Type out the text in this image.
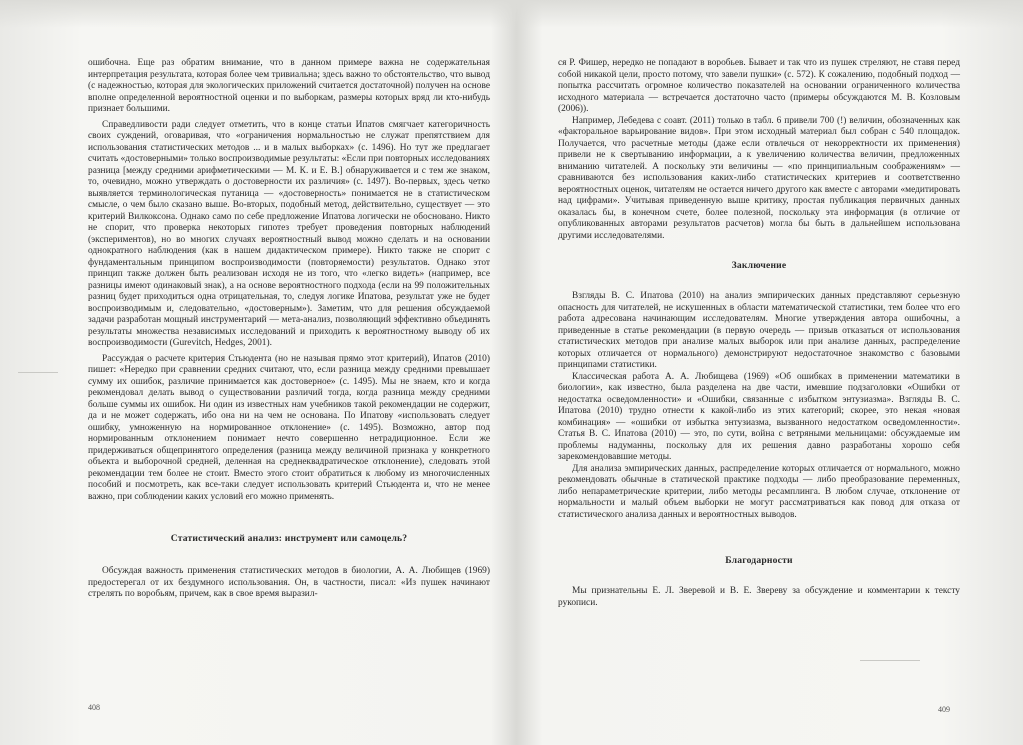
ошибочна. Еще раз обратим внимание, что в данном примере важна не содержательная интерпретация результата, которая более чем тривиальна; здесь важно то обстоятельство, что вывод (с надежностью, которая для экологических приложений считается достаточной) получен на основе вполне определенной вероятностной оценки и по выборкам, размеры которых вряд ли кто-нибудь признает большими.

Справедливости ради следует отметить, что в конце статьи Ипатов смягчает категоричность своих суждений, оговаривая, что «ограничения нормальностью не служат препятствием для использования статистических методов ... и в малых выборках» (с. 1496). Но тут же предлагает считать «достоверными» только воспроизводимые результаты: «Если при повторных исследованиях разница [между средними арифметическими — М. К. и Е. В.] обнаруживается и с тем же знаком, то, очевидно, можно утверждать о достоверности их различия» (с. 1497). Во-первых, здесь четко выявляется терминологическая путаница — «достоверность» понимается не в статистическом смысле, о чем было сказано выше. Во-вторых, подобный метод, действительно, существует — это критерий Вилкоксона. Однако само по себе предложение Ипатова логически не обосновано. Никто не спорит, что проверка некоторых гипотез требует проведения повторных наблюдений (экспериментов), но во многих случаях вероятностный вывод можно сделать и на основании однократного наблюдения (как в нашем дидактическом примере). Никто также не спорит с фундаментальным принципом воспроизводимости (повторяемости) результатов. Однако этот принцип также должен быть реализован исходя не из того, что «легко видеть» (например, все разницы имеют одинаковый знак), а на основе вероятностного подхода (если на 99 положительных разниц будет приходиться одна отрицательная, то, следуя логике Ипатова, результат уже не будет воспроизводимым и, следовательно, «достоверным»). Заметим, что для решения обсуждаемой задачи разработан мощный инструментарий — мета-анализ, позволяющий эффективно объединять результаты множества независимых исследований и приходить к вероятностному выводу об их воспроизводимости (Gurevitch, Hedges, 2001).

Рассуждая о расчете критерия Стьюдента (но не называя прямо этот критерий), Ипатов (2010) пишет: «Нередко при сравнении средних считают, что, если разница между средними превышает сумму их ошибок, различие принимается как достоверное» (с. 1495). Мы не знаем, кто и когда рекомендовал делать вывод о существовании различий тогда, когда разница между средними больше суммы их ошибок. Ни один из известных нам учебников такой рекомендации не содержит, да и не может содержать, ибо она ни на чем не основана. По Ипатову «использовать следует ошибку, умноженную на нормированное отклонение» (с. 1495). Возможно, автор под нормированным отклонением понимает нечто совершенно нетрадиционное. Если же придерживаться общепринятого определения (разница между величиной признака у конкретного объекта и выборочной средней, деленная на среднеквадратическое отклонение), следовать этой рекомендации тем более не стоит. Вместо этого стоит обратиться к любому из многочисленных пособий и посмотреть, как все-таки следует использовать критерий Стьюдента и, что не менее важно, при соблюдении каких условий его можно применять.

Статистический анализ: инструмент или самоцель?

Обсуждая важность применения статистических методов в биологии, А. А. Любищев (1969) предостерегал от их бездумного использования. Он, в частности, писал: «Из пушек начинают стрелять по воробьям, причем, как в свое время выразил-

408

ся Р. Фишер, нередко не попадают в воробьев. Бывает и так что из пушек стреляют, не ставя перед собой никакой цели, просто потому, что завели пушки» (с. 572). К сожалению, подобный подход — попытка рассчитать огромное количество показателей на основании ограниченного количества исходного материала — встречается достаточно часто (примеры обсуждаются М. В. Козловым (2006)).

Например, Лебедева с соавт. (2011) только в табл. 6 привели 700 (!) величин, обозначенных как «факторальное варьирование видов». При этом исходный материал был собран с 540 площадок. Получается, что расчетные методы (даже если отвлечься от некорректности их применения) привели не к свертыванию информации, а к увеличению количества величин, предложенных вниманию читателей. А поскольку эти величины — «по принципиальным соображениям» — сравниваются без использования каких-либо статистических критериев и соответственно вероятностных оценок, читателям не остается ничего другого как вместе с авторами «медитировать над цифрами». Учитывая приведенную выше критику, простая публикация первичных данных оказалась бы, в конечном счете, более полезной, поскольку эта информация (в отличие от опубликованных авторами результатов расчетов) могла бы быть в дальнейшем использована другими исследователями.

Заключение

Взгляды В. С. Ипатова (2010) на анализ эмпирических данных представляют серьезную опасность для читателей, не искушенных в области математической статистики, тем более что его работа адресована начинающим исследователям. Многие утверждения автора ошибочны, а приведенные в статье рекомендации (в первую очередь — призыв отказаться от использования статистических методов при анализе малых выборок или при анализе данных, распределение которых отличается от нормального) демонстрируют недостаточное знакомство с базовыми принципами статистики.

Классическая работа А. А. Любищева (1969) «Об ошибках в применении математики в биологии», как известно, была разделена на две части, имевшие подзаголовки «Ошибки от недостатка осведомленности» и «Ошибки, связанные с избытком энтузиазма». Взгляды В. С. Ипатова (2010) трудно отнести к какой-либо из этих категорий; скорее, это некая «новая комбинация» — «ошибки от избытка энтузиазма, вызванного недостатком осведомленности». Статья В. С. Ипатова (2010) — это, по сути, война с ветряными мельницами: обсуждаемые им проблемы надуманны, поскольку для их решения давно разработаны хорошо себя зарекомендовавшие методы.

Для анализа эмпирических данных, распределение которых отличается от нормального, можно рекомендовать обычные в статической практике подходы — либо преобразование переменных, либо непараметрические критерии, либо методы ресамплинга. В любом случае, отклонение от нормальности и малый объем выборки не могут рассматриваться как повод для отказа от статистического анализа данных и вероятностных выводов.

Благодарности

Мы признательны Е. Л. Зверевой и В. Е. Звереву за обсуждение и комментарии к тексту рукописи.

409
